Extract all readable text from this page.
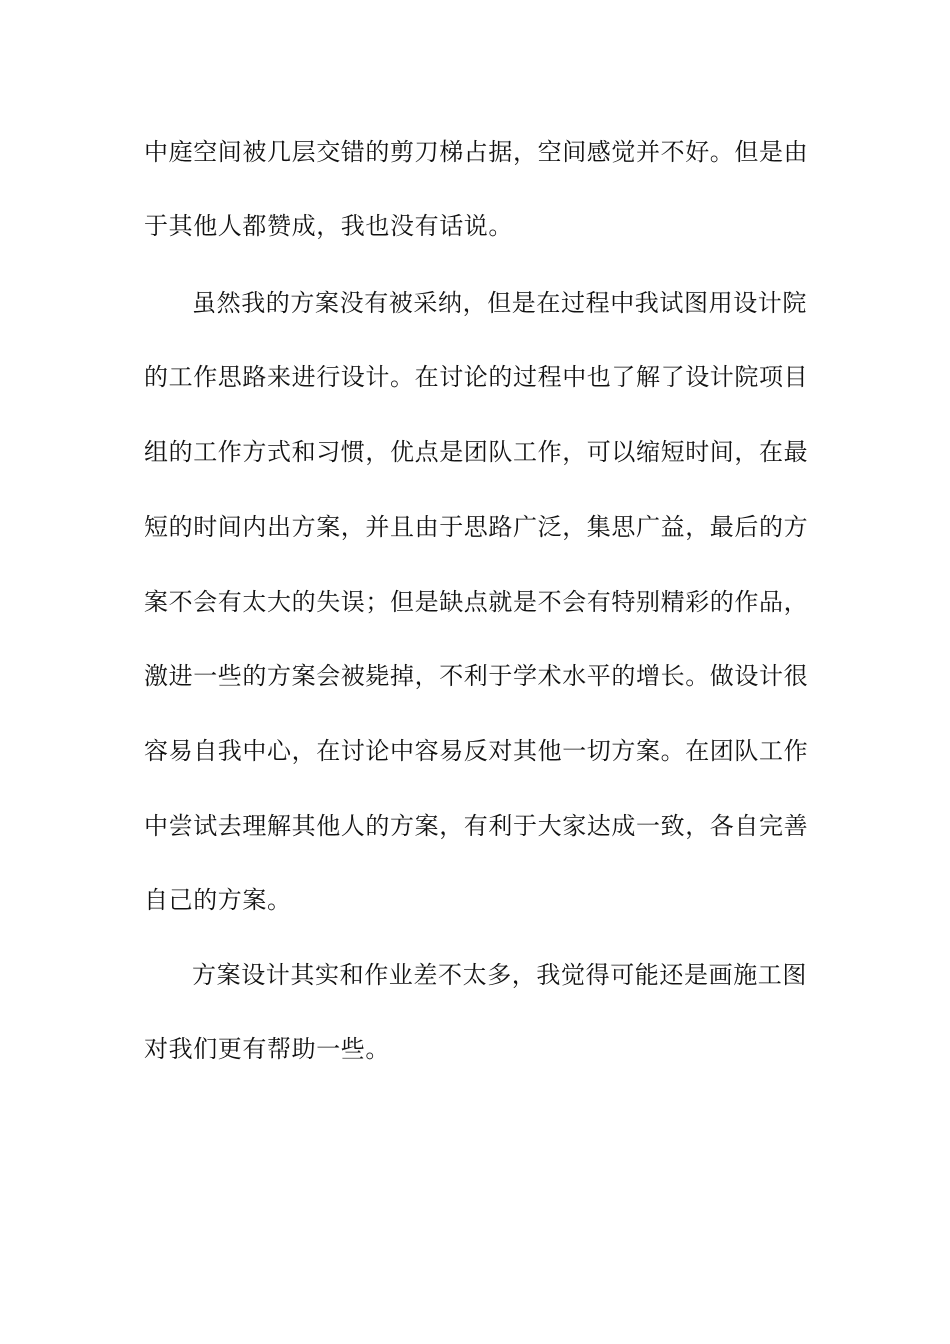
中庭空间被几层交错的剪刀梯占据，空间感觉并不好。但是由
于其他人都赞成，我也没有话说。
虽然我的方案没有被采纳，但是在过程中我试图用设计院
的工作思路来进行设计。在讨论的过程中也了解了设计院项目
组的工作方式和习惯，优点是团队工作，可以缩短时间，在最
短的时间内出方案，并且由于思路广泛，集思广益，最后的方
案不会有太大的失误；但是缺点就是不会有特别精彩的作品，
激进一些的方案会被毙掉，不利于学术水平的增长。做设计很
容易自我中心，在讨论中容易反对其他一切方案。在团队工作
中尝试去理解其他人的方案，有利于大家达成一致，各自完善
自己的方案。
方案设计其实和作业差不太多，我觉得可能还是画施工图
对我们更有帮助一些。
